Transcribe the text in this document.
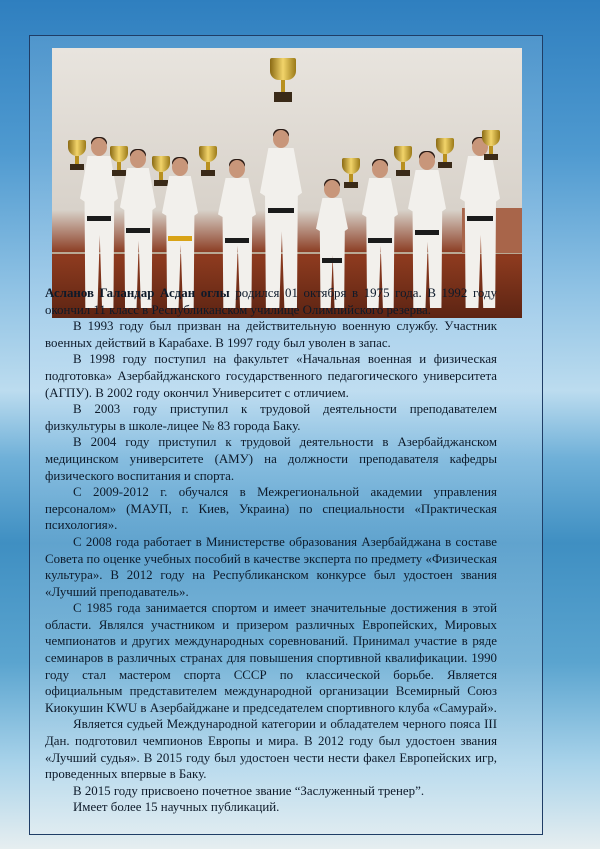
Асланов Галандар Асдан оглы родился 01 октября в 1975 года. В 1992 году окончил 11 класс в Республиканском училище Олимпийского резерва.

В 1993 году был призван на действительную военную службу. Участник военных действий в Карабахе. В 1997 году был уволен в запас.

В 1998 году поступил на факультет «Начальная военная и физическая подготовка» Азербайджанского государственного педагогического университета (АГПУ). В 2002 году окончил Университет с отличием.

В 2003 году приступил к трудовой деятельности преподавателем физкультуры в школе-лицее № 83 города Баку.

В 2004 году приступил к трудовой деятельности в Азербайджанском медицинском университете (АМУ) на должности преподавателя кафедры физического воспитания и спорта.

С 2009-2012 г. обучался в Межрегиональной академии управления персоналом» (МАУП, г. Киев, Украина) по специальности «Практическая психология».

С 2008 года работает в Министерстве образования Азербайджана в составе Совета по оценке учебных пособий в качестве эксперта по предмету «Физическая культура». В 2012 году на Республиканском конкурсе был удостоен звания «Лучший преподаватель».

С 1985 года занимается спортом и имеет значительные достижения в этой области. Являлся участником и призером различных Европейских, Мировых чемпионатов и других международных соревнований. Принимал участие в ряде семинаров в различных странах для повышения спортивной квалификации. 1990 году стал мастером спорта СССР по классической борьбе. Является официальным представителем международной организации Всемирный Союз Киокушин KWU в Азербайджане и председателем спортивного клуба «Самурай».

Является судьей Международной категории и обладателем черного пояса III Дан. подготовил чемпионов Европы и мира. В 2012 году был удостоен звания «Лучший судья». В 2015 году был удостоен чести нести факел Европейских игр, проведенных впервые в Баку.

В 2015 году присвоено почетное звание “Заслуженный тренер”.

Имеет более 15 научных публикаций.
